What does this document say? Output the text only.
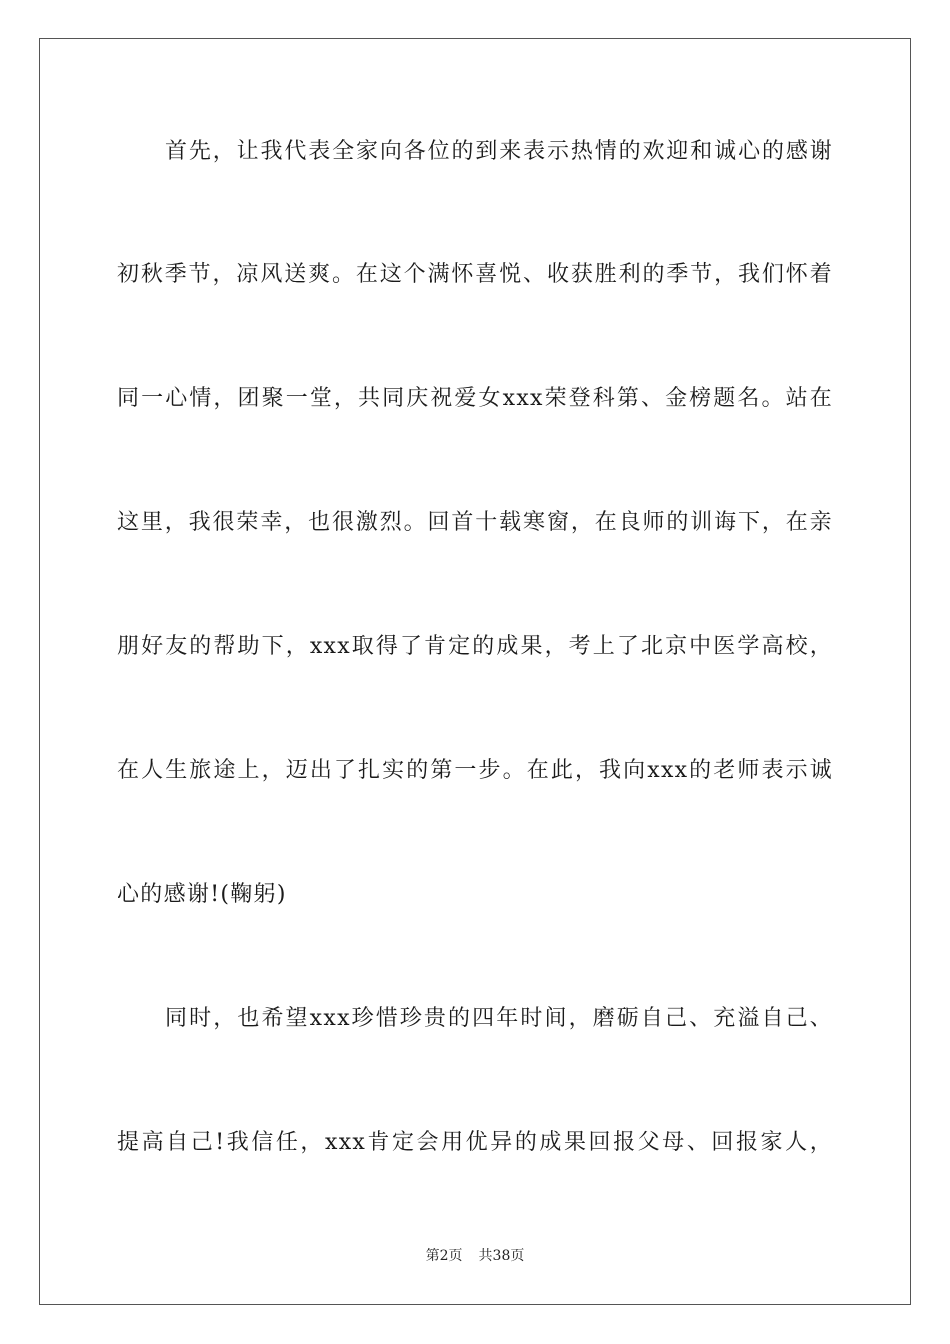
首先，让我代表全家向各位的到来表示热情的欢迎和诚心的感谢
初秋季节，凉风送爽。在这个满怀喜悦、收获胜利的季节，我们怀着
同一心情，团聚一堂，共同庆祝爱女xxx荣登科第、金榜题名。站在
这里，我很荣幸，也很激烈。回首十载寒窗，在良师的训诲下，在亲
朋好友的帮助下，xxx取得了肯定的成果，考上了北京中医学高校，
在人生旅途上，迈出了扎实的第一步。在此，我向xxx的老师表示诚
心的感谢!(鞠躬)
同时，也希望xxx珍惜珍贵的四年时间，磨砺自己、充溢自己、
提高自己!我信任，xxx肯定会用优异的成果回报父母、回报家人，
第2页 共38页
